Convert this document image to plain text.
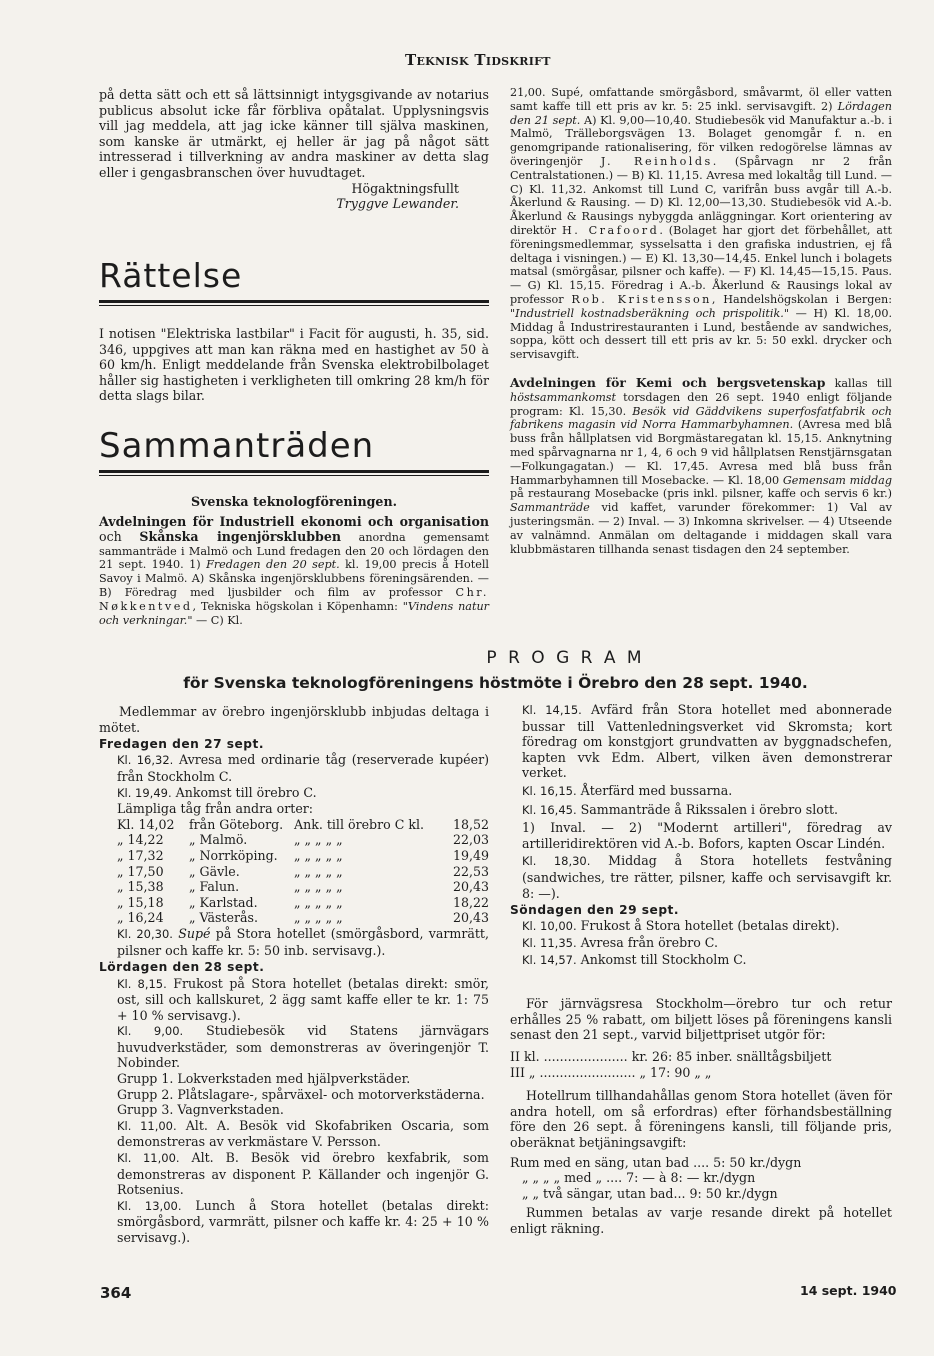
Teknisk Tidskrift

på detta sätt och ett så lättsinnigt intygsgivande av notarius publicus absolut icke får förbliva opåtalat. Upplysningsvis vill jag meddela, att jag icke känner till själva maskinen, som kanske är utmärkt, ej heller är jag på något sätt intresserad i tillverkning av andra maskiner av detta slag eller i gengasbranschen över huvudtaget.

Högaktningsfullt

Tryggve Lewander.

Rättelse

I notisen "Elektriska lastbilar" i Facit för augusti, h. 35, sid. 346, uppgives att man kan räkna med en hastighet av 50 à 60 km/h. Enligt meddelande från Svenska elektrobilbolaget håller sig hastigheten i verkligheten till omkring 28 km/h för detta slags bilar.

Sammanträden

Svenska teknologföreningen.

Avdelningen för Industriell ekonomi och organisation och Skånska ingenjörsklubben anordna gemensamt sammanträde i Malmö och Lund fredagen den 20 och lördagen den 21 sept. 1940. 1) Fredagen den 20 sept. kl. 19,00 precis å Hotell Savoy i Malmö. A) Skånska ingenjörsklubbens föreningsärenden. — B) Föredrag med ljusbilder och film av professor Chr. Nøkkentved, Tekniska högskolan i Köpenhamn: "Vindens natur och verkningar." — C) Kl.

21,00. Supé, omfattande smörgåsbord, småvarmt, öl eller vatten samt kaffe till ett pris av kr. 5: 25 inkl. servisavgift. 2) Lördagen den 21 sept. A) Kl. 9,00—10,40. Studiebesök vid Manufaktur a.-b. i Malmö, Trälleborgsvägen 13. Bolaget genomgår f. n. en genomgripande rationalisering, för vilken redogörelse lämnas av överingenjör J. Reinholds. (Spårvagn nr 2 från Centralstationen.) — B) Kl. 11,15. Avresa med lokaltåg till Lund. — C) Kl. 11,32. Ankomst till Lund C, varifrån buss avgår till A.-b. Åkerlund & Rausing. — D) Kl. 12,00—13,30. Studiebesök vid A.-b. Åkerlund & Rausings nybyggda anläggningar. Kort orientering av direktör H. Crafoord. (Bolaget har gjort det förbehållet, att föreningsmedlemmar, sysselsatta i den grafiska industrien, ej få deltaga i visningen.) — E) Kl. 13,30—14,45. Enkel lunch i bolagets matsal (smörgåsar, pilsner och kaffe). — F) Kl. 14,45—15,15. Paus. — G) Kl. 15,15. Föredrag i A.-b. Åkerlund & Rausings lokal av professor Rob. Kristensson, Handelshögskolan i Bergen: "Industriell kostnadsberäkning och prispolitik." — H) Kl. 18,00. Middag å Industrirestauranten i Lund, bestående av sandwiches, soppa, kött och dessert till ett pris av kr. 5: 50 exkl. drycker och servisavgift.

Avdelningen för Kemi och bergsvetenskap kallas till höstsammankomst torsdagen den 26 sept. 1940 enligt följande program: Kl. 15,30. Besök vid Gäddvikens superfosfatfabrik och fabrikens magasin vid Norra Hammarbyhamnen. (Avresa med blå buss från hållplatsen vid Borgmästaregatan kl. 15,15. Anknytning med spårvagnarna nr 1, 4, 6 och 9 vid hållplatsen Renstjärnsgatan—Folkungagatan.) — Kl. 17,45. Avresa med blå buss från Hammarbyhamnen till Mosebacke. — Kl. 18,00 Gemensam middag på restaurang Mosebacke (pris inkl. pilsner, kaffe och servis 6 kr.) Sammanträde vid kaffet, varunder förekommer: 1) Val av justeringsmän. — 2) Inval. — 3) Inkomna skrivelser. — 4) Utseende av valnämnd. Anmälan om deltagande i middagen skall vara klubbmästaren tillhanda senast tisdagen den 24 september.

P R O G R A M
för Svenska teknologföreningens höstmöte i Örebro den 28 sept. 1940.

Medlemmar av örebro ingenjörsklubb inbjudas deltaga i mötet.

Fredagen den 27 sept.

Kl. 16,32. Avresa med ordinarie tåg (reserverade kupéer) från Stockholm C.

Kl. 19,49. Ankomst till örebro C.

Lämpliga tåg från andra orter:

Kl. 14,02	från Göteborg. Ank. till örebro C kl.	18,52
„ 14,22	„ Malmö.	„ „ „ „ „	22,03
„ 17,32	„ Norrköping.	„ „ „ „ „	19,49
„ 17,50	„ Gävle.	„ „ „ „ „	22,53
„ 15,38	„ Falun.	„ „ „ „ „	20,43
„ 15,18	„ Karlstad.	„ „ „ „ „	18,22
„ 16,24	„ Västerås.	„ „ „ „ „	20,43

Kl. 20,30. Supé på Stora hotellet (smörgåsbord, varmrätt, pilsner och kaffe kr. 5: 50 inb. servisavg.).

Lördagen den 28 sept.

Kl. 8,15. Frukost på Stora hotellet (betalas direkt: smör, ost, sill och kallskuret, 2 ägg samt kaffe eller te kr. 1: 75 + 10 % servisavg.).

Kl. 9,00. Studiebesök vid Statens järnvägars huvudverkstäder, som demonstreras av överingenjör T. Nobinder.

Grupp 1. Lokverkstaden med hjälpverkstäder.

Grupp 2. Plåtslagare-, spårväxel- och motorverkstäderna.

Grupp 3. Vagnverkstaden.

Kl. 11,00. Alt. A. Besök vid Skofabriken Oscaria, som demonstreras av verkmästare V. Persson.

Kl. 11,00. Alt. B. Besök vid örebro kexfabrik, som demonstreras av disponent P. Källander och ingenjör G. Rotsenius.

Kl. 13,00. Lunch å Stora hotellet (betalas direkt: smörgåsbord, varmrätt, pilsner och kaffe kr. 4: 25 + 10 % servisavg.).

Kl. 14,15. Avfärd från Stora hotellet med abonnerade bussar till Vattenledningsverket vid Skromsta; kort föredrag om konstgjort grundvatten av byggnadschefen, kapten vvk Edm. Albert, vilken även demonstrerar verket.

Kl. 16,15. Återfärd med bussarna.

Kl. 16,45. Sammanträde å Rikssalen i örebro slott.

1) Inval. — 2) "Modernt artilleri", föredrag av artilleridirektören vid A.-b. Bofors, kapten Oscar Lindén.

Kl. 18,30. Middag å Stora hotellets festvåning (sandwiches, tre rätter, pilsner, kaffe och servisavgift kr. 8: —).

Söndagen den 29 sept.

Kl. 10,00. Frukost å Stora hotellet (betalas direkt).

Kl. 11,35. Avresa från örebro C.

Kl. 14,57. Ankomst till Stockholm C.

För järnvägsresa Stockholm—örebro tur och retur erhålles 25 % rabatt, om biljett löses på föreningens kansli senast den 21 sept., varvid biljettpriset utgör för:

II kl. ..................... kr. 26: 85 inber. snälltågsbiljett

III „ ........................ „ 17: 90 „ „

Hotellrum tillhandahållas genom Stora hotellet (även för andra hotell, om så erfordras) efter förhandsbeställning före den 26 sept. å föreningens kansli, till följande pris, oberäknat betjäningsavgift:

Rum med en säng, utan bad .... 5: 50 kr./dygn

„ „ „ „ med „ .... 7: — à 8: — kr./dygn

„ „ två sängar, utan bad... 9: 50 kr./dygn

Rummen betalas av varje resande direkt på hotellet enligt räkning.

364	14 sept. 1940
